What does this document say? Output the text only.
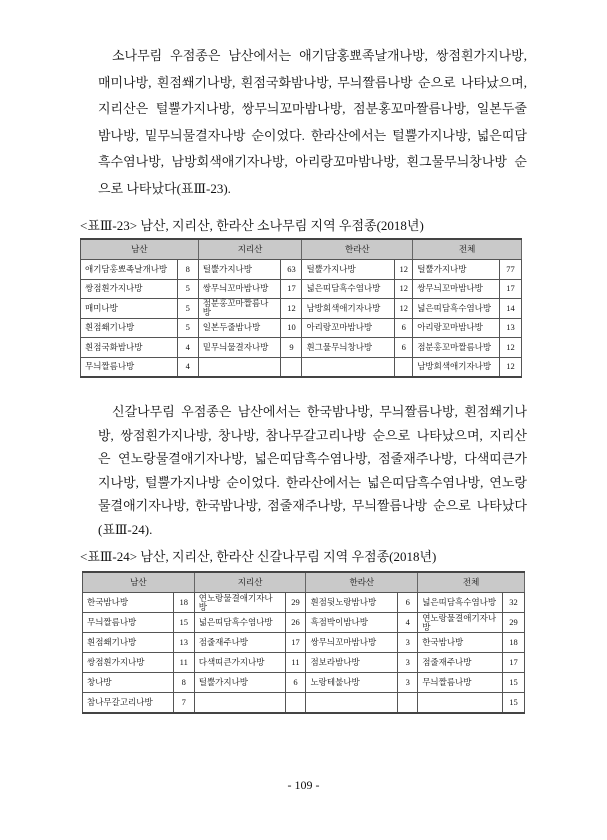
소나무림 우점종은 남산에서는 애기담홍뾰족날개나방, 쌍점흰가지나방,
매미나방, 흰점쐐기나방, 흰점국화밤나방, 무늬짤름나방 순으로 나타났으며,
지리산은 털뿔가지나방, 쌍무늬꼬마밤나방, 점분홍꼬마짤름나방, 일본두줄
밤나방, 밑무늬물결자나방 순이었다. 한라산에서는 털뿔가지나방, 넓은띠담
흑수염나방, 남방회색애기자나방, 아리랑꼬마밤나방, 흰그물무늬창나방 순
으로 나타났다(표Ⅲ-23).
<표Ⅲ-23> 남산, 지리산, 한라산 소나무림 지역 우점종(2018년)
남산		지리산		한라산		전체	
애기담홍뾰족날개나방	8	털뿔가지나방	63	털뿔가지나방	12	털뿔가지나방	77
쌍점흰가지나방	5	쌍무늬꼬마밤나방	17	넓은띠담흑수염나방	12	쌍무늬꼬마밤나방	17
매미나방	5	점분홍꼬마짤름나방	12	남방회색애기자나방	12	넓은띠담흑수염나방	14
흰점쐐기나방	5	일본두줄밤나방	10	아리랑꼬마밤나방	6	아리랑꼬마밤나방	13
흰점국화밤나방	4	밑무늬물결자나방	9	흰그물무늬창나방	6	점분홍꼬마짤름나방	12
무늬짤름나방	4					남방회색애기자나방	12
신갈나무림 우점종은 남산에서는 한국밤나방, 무늬짤름나방, 흰점쐐기나
방, 쌍점흰가지나방, 창나방, 참나무갈고리나방 순으로 나타났으며, 지리산
은 연노랑물결애기자나방, 넓은띠담흑수염나방, 점줄재주나방, 다색띠큰가
지나방, 털뿔가지나방 순이었다. 한라산에서는 넓은띠담흑수염나방, 연노랑
물결애기자나방, 한국밤나방, 점줄재주나방, 무늬짤름나방 순으로 나타났다
(표Ⅲ-24).
<표Ⅲ-24> 남산, 지리산, 한라산 신갈나무림 지역 우점종(2018년)
남산		지리산		한라산		전체	
한국밤나방	18	연노랑물결애기자나방	29	흰점뒷노랑밤나방	6	넓은띠담흑수염나방	32
무늬짤름나방	15	넓은띠담흑수염나방	26	흑점박이밤나방	4	연노랑물결애기자나방	29
흰점쐐기나방	13	점줄재주나방	17	쌍무늬꼬마밤나방	3	한국밤나방	18
쌍점흰가지나방	11	다색띠큰가지나방	11	점보라밤나방	3	점줄재주나방	17
창나방	8	털뿔가지나방	6	노랑테불나방	3	무늬짤름나방	15
참나무갈고리나방	7						15
- 109 -
